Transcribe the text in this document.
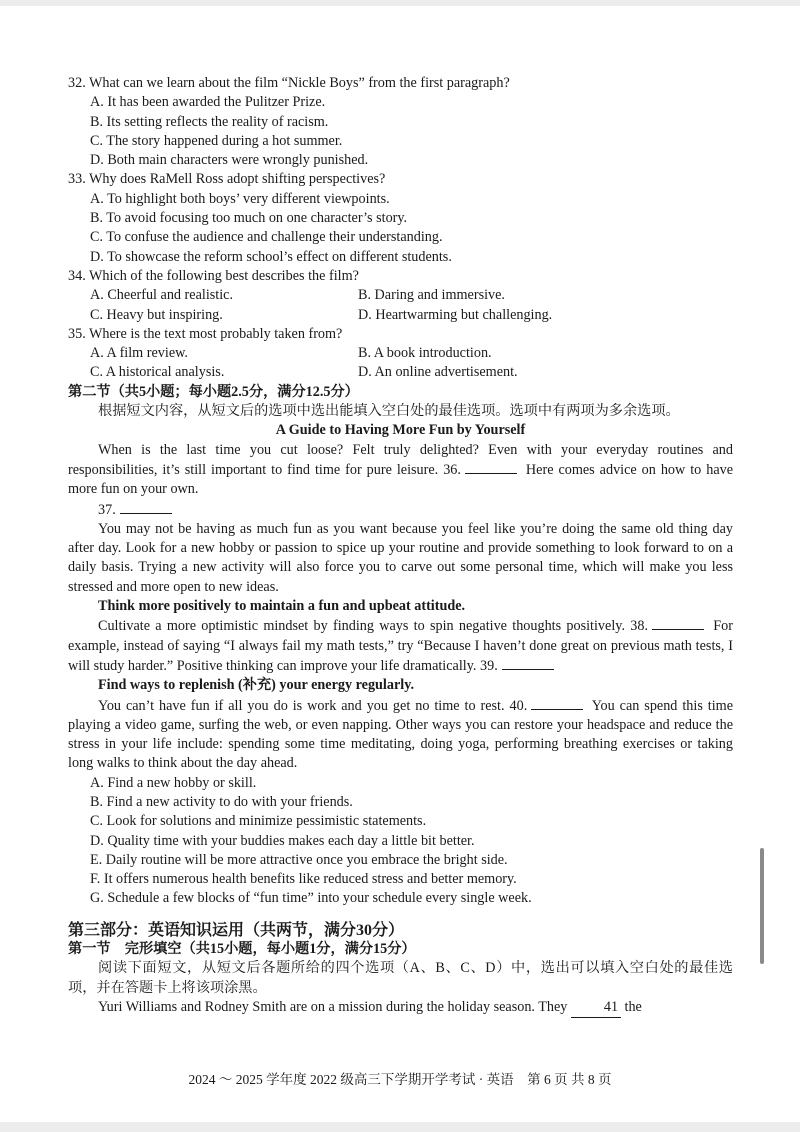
32. What can we learn about the film “Nickle Boys” from the first paragraph?
A. It has been awarded the Pulitzer Prize.
B. Its setting reflects the reality of racism.
C. The story happened during a hot summer.
D. Both main characters were wrongly punished.
33. Why does RaMell Ross adopt shifting perspectives?
A. To highlight both boys’ very different viewpoints.
B. To avoid focusing too much on one character’s story.
C. To confuse the audience and challenge their understanding.
D. To showcase the reform school’s effect on different students.
34. Which of the following best describes the film?
A. Cheerful and realistic.	B. Daring and immersive.
C. Heavy but inspiring.	D. Heartwarming but challenging.
35. Where is the text most probably taken from?
A. A film review.	B. A book introduction.
C. A historical analysis.	D. An online advertisement.
第二节（共5小题；每小题2.5分，满分12.5分）
根据短文内容，从短文后的选项中选出能填入空白处的最佳选项。选项中有两项为多余选项。
A Guide to Having More Fun by Yourself
When is the last time you cut loose? Felt truly delighted? Even with your everyday routines and responsibilities, it’s still important to find time for pure leisure. 36.	Here comes advice on how to have more fun on your own.
37.
You may not be having as much fun as you want because you feel like you’re doing the same old thing day after day. Look for a new hobby or passion to spice up your routine and provide something to look forward to on a daily basis. Trying a new activity will also force you to carve out some personal time, which will make you less stressed and more open to new ideas.
Think more positively to maintain a fun and upbeat attitude.
Cultivate a more optimistic mindset by finding ways to spin negative thoughts positively. 38.	For example, instead of saying “I always fail my math tests,” try “Because I haven’t done great on previous math tests, I will study harder.” Positive thinking can improve your life dramatically. 39.
Find ways to replenish (补充) your energy regularly.
You can’t have fun if all you do is work and you get no time to rest. 40.	You can spend this time playing a video game, surfing the web, or even napping. Other ways you can restore your headspace and reduce the stress in your life include: spending some time meditating, doing yoga, performing breathing exercises or taking long walks to think about the day ahead.
A. Find a new hobby or skill.
B. Find a new activity to do with your friends.
C. Look for solutions and minimize pessimistic statements.
D. Quality time with your buddies makes each day a little bit better.
E. Daily routine will be more attractive once you embrace the bright side.
F. It offers numerous health benefits like reduced stress and better memory.
G. Schedule a few blocks of “fun time” into your schedule every single week.
第三部分：英语知识运用（共两节，满分30分）
第一节　完形填空（共15小题，每小题1分，满分15分）
阅读下面短文，从短文后各题所给的四个选项（A、B、C、D）中，选出可以填入空白处的最佳选项，并在答题卡上将该项涂黑。
Yuri Williams and Rodney Smith are on a mission during the holiday season. They	41 the
2024 ～ 2025 学年度 2022 级高三下学期开学考试 · 英语　第 6 页 共 8 页
